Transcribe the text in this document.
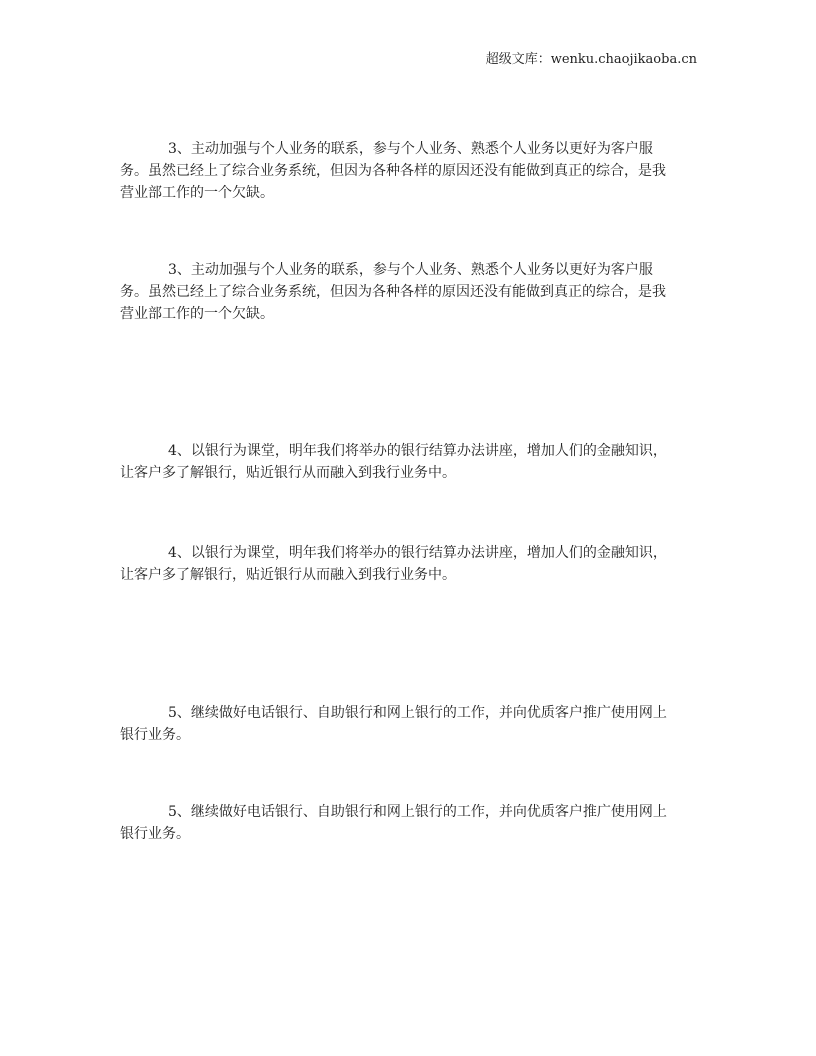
超级文库：wenku.chaojikaoba.cn
3、主动加强与个人业务的联系，参与个人业务、熟悉个人业务以更好为客户服
务。虽然已经上了综合业务系统，但因为各种各样的原因还没有能做到真正的综合，是我
营业部工作的一个欠缺。
3、主动加强与个人业务的联系，参与个人业务、熟悉个人业务以更好为客户服
务。虽然已经上了综合业务系统，但因为各种各样的原因还没有能做到真正的综合，是我
营业部工作的一个欠缺。
4、以银行为课堂，明年我们将举办的银行结算办法讲座，增加人们的金融知识，
让客户多了解银行，贴近银行从而融入到我行业务中。
4、以银行为课堂，明年我们将举办的银行结算办法讲座，增加人们的金融知识，
让客户多了解银行，贴近银行从而融入到我行业务中。
5、继续做好电话银行、自助银行和网上银行的工作，并向优质客户推广使用网上
银行业务。
5、继续做好电话银行、自助银行和网上银行的工作，并向优质客户推广使用网上
银行业务。
